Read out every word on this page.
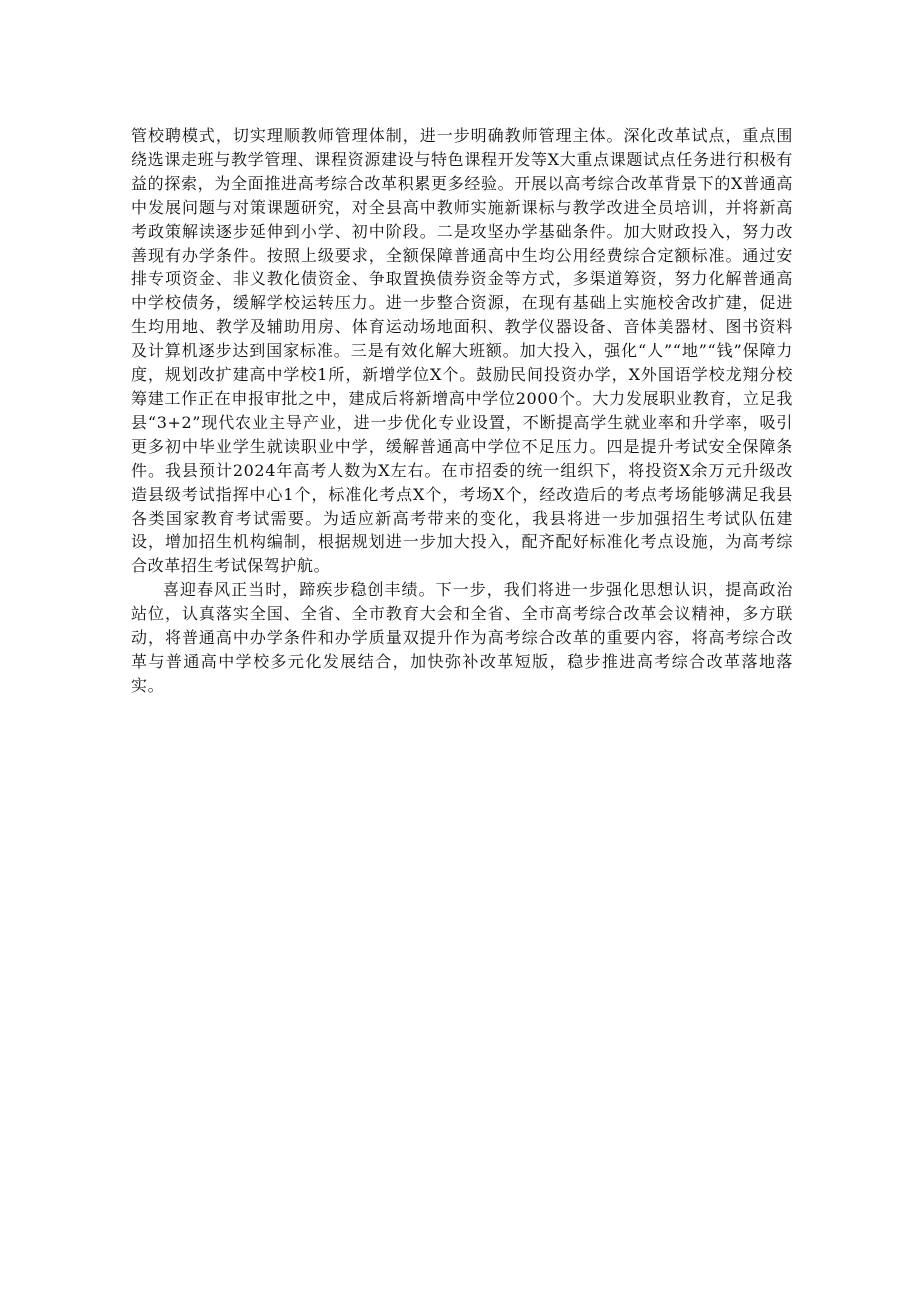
管校聘模式，切实理顺教师管理体制，进一步明确教师管理主体。深化改革试点，重点围绕选课走班与教学管理、课程资源建设与特色课程开发等X大重点课题试点任务进行积极有益的探索，为全面推进高考综合改革积累更多经验。开展以高考综合改革背景下的X普通高中发展问题与对策课题研究，对全县高中教师实施新课标与教学改进全员培训，并将新高考政策解读逐步延伸到小学、初中阶段。二是攻坚办学基础条件。加大财政投入，努力改善现有办学条件。按照上级要求，全额保障普通高中生均公用经费综合定额标准。通过安排专项资金、非义教化债资金、争取置换债券资金等方式，多渠道筹资，努力化解普通高中学校债务，缓解学校运转压力。进一步整合资源，在现有基础上实施校舍改扩建，促进生均用地、教学及辅助用房、体育运动场地面积、教学仪器设备、音体美器材、图书资料及计算机逐步达到国家标准。三是有效化解大班额。加大投入，强化“人”“地”“钱”保障力度，规划改扩建高中学校1所，新增学位X个。鼓励民间投资办学，X外国语学校龙翔分校筹建工作正在申报审批之中，建成后将新增高中学位2000个。大力发展职业教育，立足我县“3+2”现代农业主导产业，进一步优化专业设置，不断提高学生就业率和升学率，吸引更多初中毕业学生就读职业中学，缓解普通高中学位不足压力。四是提升考试安全保障条件。我县预计2024年高考人数为X左右。在市招委的统一组织下，将投资X余万元升级改造县级考试指挥中心1个，标准化考点X个，考场X个，经改造后的考点考场能够满足我县各类国家教育考试需要。为适应新高考带来的变化，我县将进一步加强招生考试队伍建设，增加招生机构编制，根据规划进一步加大投入，配齐配好标准化考点设施，为高考综合改革招生考试保驾护航。

喜迎春风正当时，蹄疾步稳创丰绩。下一步，我们将进一步强化思想认识，提高政治站位，认真落实全国、全省、全市教育大会和全省、全市高考综合改革会议精神，多方联动，将普通高中办学条件和办学质量双提升作为高考综合改革的重要内容，将高考综合改革与普通高中学校多元化发展结合，加快弥补改革短版，稳步推进高考综合改革落地落实。
